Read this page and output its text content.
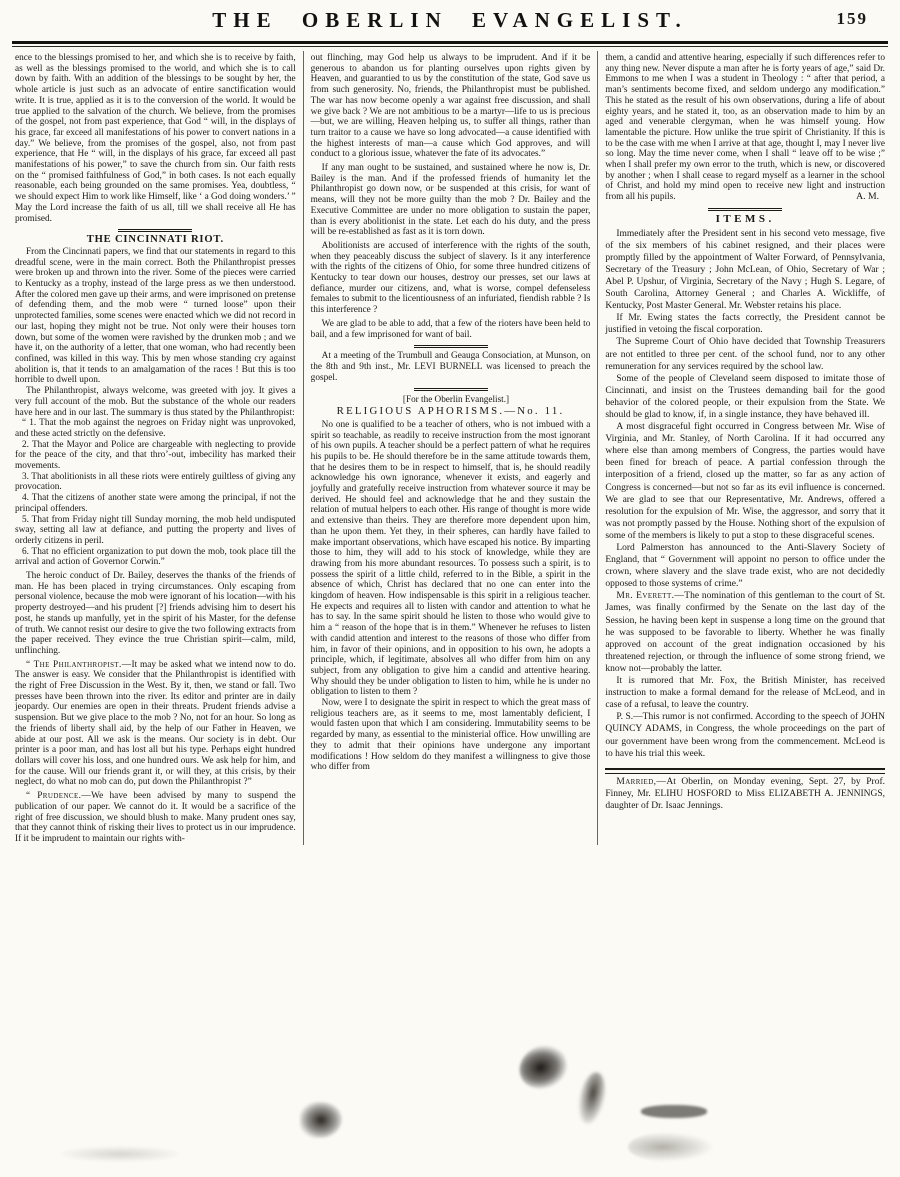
THE OBERLIN EVANGELIST.	159

ence to the blessings promised to her, and which she is to receive by faith, as well as the blessings promised to the world, and which she is to call down by faith. With an addition of the blessings to be sought by her, the whole article is just such as an advocate of entire sanctification would write. It is true, applied as it is to the conversion of the world. It would be true applied to the salvation of the church. We believe, from the promises of the gospel, not from past experience, that God “ will, in the displays of his grace, far exceed all manifestations of his power to convert nations in a day.” We believe, from the promises of the gospel, also, not from past experience, that He “ will, in the displays of his grace, far exceed all past manifestations of his power,” to save the church from sin. Our faith rests on the “ promised faithfulness of God,” in both cases. Is not each equally reasonable, each being grounded on the same promises. Yea, doubtless, “ we should expect Him to work like Himself, like ‘ a God doing wonders.’ ” May the Lord increase the faith of us all, till we shall receive all He has promised.

THE CINCINNATI RIOT.

From the Cincinnati papers, we find that our statements in regard to this dreadful scene, were in the main correct. Both the Philanthropist presses were broken up and thrown into the river. Some of the pieces were carried to Kentucky as a trophy, instead of the large press as we then understood. After the colored men gave up their arms, and were imprisoned on pretense of defending them, and the mob were “ turned loose” upon their unprotected families, some scenes were enacted which we did not record in our last, hoping they might not be true. Not only were their houses torn down, but some of the women were ravished by the drunken mob ; and we have it, on the authority of a letter, that one woman, who had recently been confined, was killed in this way. This by men whose standing cry against abolition is, that it tends to an amalgamation of the races ! But this is too horrible to dwell upon.

The Philanthropist, always welcome, was greeted with joy. It gives a very full account of the mob. But the substance of the whole our readers have here and in our last. The summary is thus stated by the Philanthropist:

“ 1. That the mob against the negroes on Friday night was unprovoked, and these acted strictly on the defensive.

2. That the Mayor and Police are chargeable with neglecting to provide for the peace of the city, and that thro’-out, imbecility has marked their movements.

3. That abolitionists in all these riots were entirely guiltless of giving any provocation.

4. That the citizens of another state were among the principal, if not the principal offenders.

5. That from Friday night till Sunday morning, the mob held undisputed sway, setting all law at defiance, and putting the property and lives of orderly citizens in peril.

6. That no efficient organization to put down the mob, took place till the arrival and action of Governor Corwin.”

The heroic conduct of Dr. Bailey, deserves the thanks of the friends of man. He has been placed in trying circumstances. Only escaping from personal violence, because the mob were ignorant of his location—with his property destroyed—and his prudent [?] friends advising him to desert his post, he stands up manfully, yet in the spirit of his Master, for the defense of truth. We cannot resist our desire to give the two following extracts from the paper received. They evince the true Christian spirit—calm, mild, unflinching.

“ The Philanthropist.—It may be asked what we intend now to do. The answer is easy. We consider that the Philanthropist is identified with the right of Free Discussion in the West. By it, then, we stand or fall. Two presses have been thrown into the river. Its editor and printer are in daily jeopardy. Our enemies are open in their threats. Prudent friends advise a suspension. But we give place to the mob ? No, not for an hour. So long as the friends of liberty shall aid, by the help of our Father in Heaven, we abide at our post. All we ask is the means. Our society is in debt. Our printer is a poor man, and has lost all but his type. Perhaps eight hundred dollars will cover his loss, and one hundred ours. We ask help for him, and for the cause. Will our friends grant it, or will they, at this crisis, by their neglect, do what no mob can do, put down the Philanthropist ?”

“ Prudence.—We have been advised by many to suspend the publication of our paper. We cannot do it. It would be a sacrifice of the right of free discussion, we should blush to make. Many prudent ones say, that they cannot think of risking their lives to protect us in our imprudence. If it be imprudent to maintain our rights with-

out flinching, may God help us always to be imprudent. And if it be generous to abandon us for planting ourselves upon rights given by Heaven, and guarantied to us by the constitution of the state, God save us from such generosity. No, friends, the Philanthropist must be published. The war has now become openly a war against free discussion, and shall we give back ? We are not ambitious to be a martyr—life to us is precious—but, we are willing, Heaven helping us, to suffer all things, rather than turn traitor to a cause we have so long advocated—a cause identified with the highest interests of man—a cause which God approves, and will conduct to a glorious issue, whatever the fate of its advocates.”

If any man ought to be sustained, and sustained where he now is, Dr. Bailey is the man. And if the professed friends of humanity let the Philanthropist go down now, or be suspended at this crisis, for want of means, will they not be more guilty than the mob ? Dr. Bailey and the Executive Committee are under no more obligation to sustain the paper, than is every abolitionist in the state. Let each do his duty, and the press will be re-established as fast as it is torn down.

Abolitionists are accused of interference with the rights of the south, when they peaceably discuss the subject of slavery. Is it any interference with the rights of the citizens of Ohio, for some three hundred citizens of Kentucky to tear down our houses, destroy our presses, set our laws at defiance, murder our citizens, and, what is worse, compel defenseless females to submit to the licentiousness of an infuriated, fiendish rabble ? Is this interference ?

We are glad to be able to add, that a few of the rioters have been held to bail, and a few imprisoned for want of bail.

At a meeting of the Trumbull and Geauga Consociation, at Munson, on the 8th and 9th inst., Mr. LEVI BURNELL was licensed to preach the gospel.

[For the Oberlin Evangelist.]

RELIGIOUS APHORISMS.—No. 11.

No one is qualified to be a teacher of others, who is not imbued with a spirit so teachable, as readily to receive instruction from the most ignorant of his own pupils. A teacher should be a perfect pattern of what he requires his pupils to be. He should therefore be in the same attitude towards them, that he desires them to be in respect to himself, that is, he should readily acknowledge his own ignorance, whenever it exists, and eagerly and joyfully and gratefully receive instruction from whatever source it may be derived. He should feel and acknowledge that he and they sustain the relation of mutual helpers to each other. His range of thought is more wide and extensive than theirs. They are therefore more dependent upon him, than he upon them. Yet they, in their spheres, can hardly have failed to make important observations, which have escaped his notice. By imparting those to him, they will add to his stock of knowledge, while they are drawing from his more abundant resources. To possess such a spirit, is to possess the spirit of a little child, referred to in the Bible, a spirit in the absence of which, Christ has declared that no one can enter into the kingdom of heaven. How indispensable is this spirit in a religious teacher. He expects and requires all to listen with candor and attention to what he has to say. In the same spirit should he listen to those who would give to him a “ reason of the hope that is in them.” Whenever he refuses to listen with candid attention and interest to the reasons of those who differ from him, in favor of their opinions, and in opposition to his own, he adopts a principle, which, if legitimate, absolves all who differ from him on any subject, from any obligation to give him a candid and attentive hearing. Why should they be under obligation to listen to him, while he is under no obligation to listen to them ?

Now, were I to designate the spirit in respect to which the great mass of religious teachers are, as it seems to me, most lamentably deficient, I would fasten upon that which I am considering. Immutability seems to be regarded by many, as essential to the ministerial office. How unwilling are they to admit that their opinions have undergone any important modifications ! How seldom do they manifest a willingness to give those who differ from

them, a candid and attentive hearing, especially if such differences refer to any thing new. Never dispute a man after he is forty years of age,” said Dr. Emmons to me when I was a student in Theology : “ after that period, a man’s sentiments become fixed, and seldom undergo any modification.” This he stated as the result of his own observations, during a life of about eighty years, and he stated it, too, as an observation made to him by an aged and venerable clergyman, when he was himself young. How lamentable the picture. How unlike the true spirit of Christianity. If this is to be the case with me when I arrive at that age, thought I, may I never live so long. May the time never come, when I shall “ leave off to be wise ;” when I shall prefer my own error to the truth, which is new, or discovered by another ; when I shall cease to regard myself as a learner in the school of Christ, and hold my mind open to receive new light and instruction from all his pupils.	A. M.
ITEMS.

Immediately after the President sent in his second veto message, five of the six members of his cabinet resigned, and their places were promptly filled by the appointment of Walter Forward, of Pennsylvania, Secretary of the Treasury ; John McLean, of Ohio, Secretary of War ; Abel P. Upshur, of Virginia, Secretary of the Navy ; Hugh S. Legare, of South Carolina, Attorney General ; and Charles A. Wickliffe, of Kentucky, Post Master General. Mr. Webster retains his place.

If Mr. Ewing states the facts correctly, the President cannot be justified in vetoing the fiscal corporation.

The Supreme Court of Ohio have decided that Township Treasurers are not entitled to three per cent. of the school fund, nor to any other remuneration for any services required by the school law.

Some of the people of Cleveland seem disposed to imitate those of Cincinnati, and insist on the Trustees demanding bail for the good behavior of the colored people, or their expulsion from the State. We should be glad to know, if, in a single instance, they have behaved ill.

A most disgraceful fight occurred in Congress between Mr. Wise of Virginia, and Mr. Stanley, of North Carolina. If it had occurred any where else than among members of Congress, the parties would have been fined for breach of peace. A partial confession through the interposition of a friend, closed up the matter, so far as any action of Congress is concerned—but not so far as its evil influence is concerned. We are glad to see that our Representative, Mr. Andrews, offered a resolution for the expulsion of Mr. Wise, the aggressor, and sorry that it was not promptly passed by the House. Nothing short of the expulsion of some of the members is likely to put a stop to these disgraceful scenes.

Lord Palmerston has announced to the Anti-Slavery Society of England, that “ Government will appoint no person to office under the crown, where slavery and the slave trade exist, who are not decidedly opposed to those systems of crime.”

Mr. Everett.—The nomination of this gentleman to the court of St. James, was finally confirmed by the Senate on the last day of the Session, he having been kept in suspense a long time on the ground that he was supposed to be favorable to liberty. Whether he was finally approved on account of the great indignation occasioned by his threatened rejection, or through the influence of some strong friend, we know not—probably the latter.

It is rumored that Mr. Fox, the British Minister, has received instruction to make a formal demand for the release of McLeod, and in case of a refusal, to leave the country.

P. S.—This rumor is not confirmed. According to the speech of JOHN QUINCY ADAMS, in Congress, the whole proceedings on the part of our government have been wrong from the commencement. McLeod is to have his trial this week.

Married,—At Oberlin, on Monday evening, Sept. 27, by Prof. Finney, Mr. ELIHU HOSFORD to Miss ELIZABETH A. JENNINGS, daughter of Dr. Isaac Jennings.
